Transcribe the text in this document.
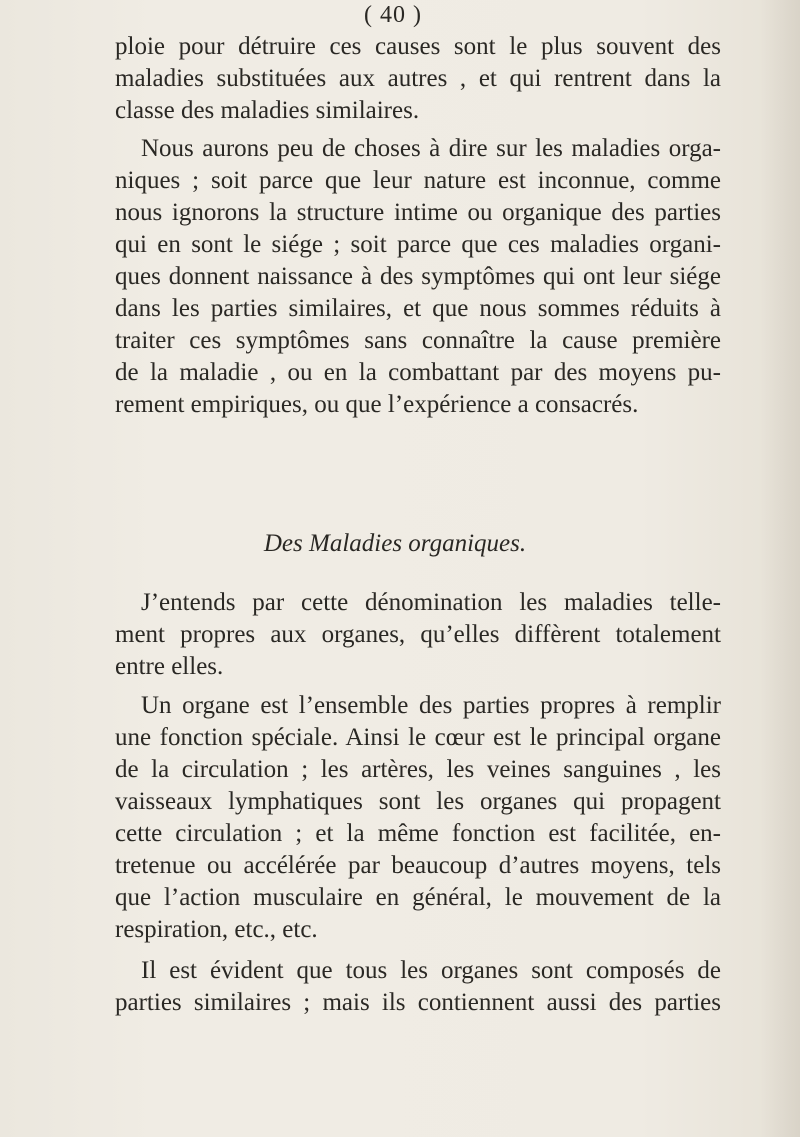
( 40 )
ploie pour détruire ces causes sont le plus souvent des
maladies substituées aux autres , et qui rentrent dans la
classe des maladies similaires.
Nous aurons peu de choses à dire sur les maladies orga-
niques ; soit parce que leur nature est inconnue, comme
nous ignorons la structure intime ou organique des parties
qui en sont le siége ; soit parce que ces maladies organi-
ques donnent naissance à des symptômes qui ont leur siége
dans les parties similaires, et que nous sommes réduits à
traiter ces symptômes sans connaître la cause première
de la maladie , ou en la combattant par des moyens pu-
rement empiriques, ou que l’expérience a consacrés.
Des Maladies organiques.
J’entends par cette dénomination les maladies telle-
ment propres aux organes, qu’elles diffèrent totalement
entre elles.
Un organe est l’ensemble des parties propres à remplir
une fonction spéciale. Ainsi le cœur est le principal organe
de la circulation ; les artères, les veines sanguines , les
vaisseaux lymphatiques sont les organes qui propagent
cette circulation ; et la même fonction est facilitée, en-
tretenue ou accélérée par beaucoup d’autres moyens, tels
que l’action musculaire en général, le mouvement de la
respiration, etc., etc.
Il est évident que tous les organes sont composés de
parties similaires ; mais ils contiennent aussi des parties
